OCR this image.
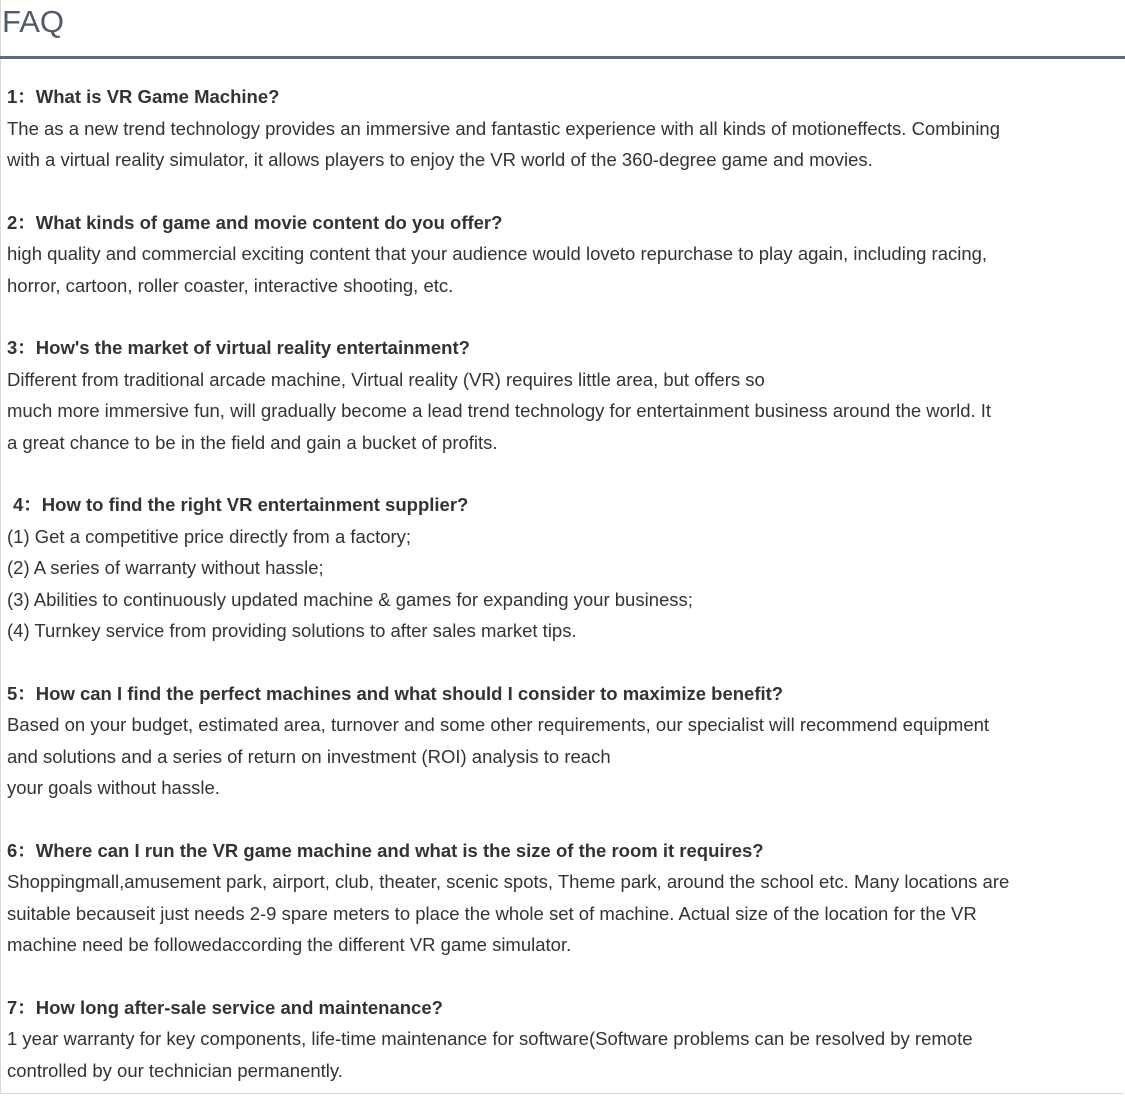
FAQ

1：What is VR Game Machine?

The as a new trend technology provides an immersive and fantastic experience with all kinds of motioneffects. Combining
with a virtual reality simulator, it allows players to enjoy the VR world of the 360-degree game and movies.

2：What kinds of game and movie content do you offer?

high quality and commercial exciting content that your audience would loveto repurchase to play again, including racing,
horror, cartoon, roller coaster, interactive shooting, etc.

3：How's the market of virtual reality entertainment?

Different from traditional arcade machine, Virtual reality (VR) requires little area, but offers so
much more immersive fun, will gradually become a lead trend technology for entertainment business around the world. It
a great chance to be in the field and gain a bucket of profits.

4：How to find the right VR entertainment supplier?

(1) Get a competitive price directly from a factory;
(2) A series of warranty without hassle;
(3) Abilities to continuously updated machine & games for expanding your business;
(4) Turnkey service from providing solutions to after sales market tips.

5：How can I find the perfect machines and what should I consider to maximize benefit?

Based on your budget, estimated area, turnover and some other requirements, our specialist will recommend equipment
and solutions and a series of return on investment (ROI) analysis to reach
your goals without hassle.

6：Where can I run the VR game machine and what is the size of the room it requires?

Shoppingmall,amusement park, airport, club, theater, scenic spots, Theme park, around the school etc. Many locations are
suitable becauseit just needs 2-9 spare meters to place the whole set of machine. Actual size of the location for the VR
machine need be followedaccording the different VR game simulator.

7：How long after-sale service and maintenance?

1 year warranty for key components, life-time maintenance for software(Software problems can be resolved by remote
controlled by our technician permanently.
